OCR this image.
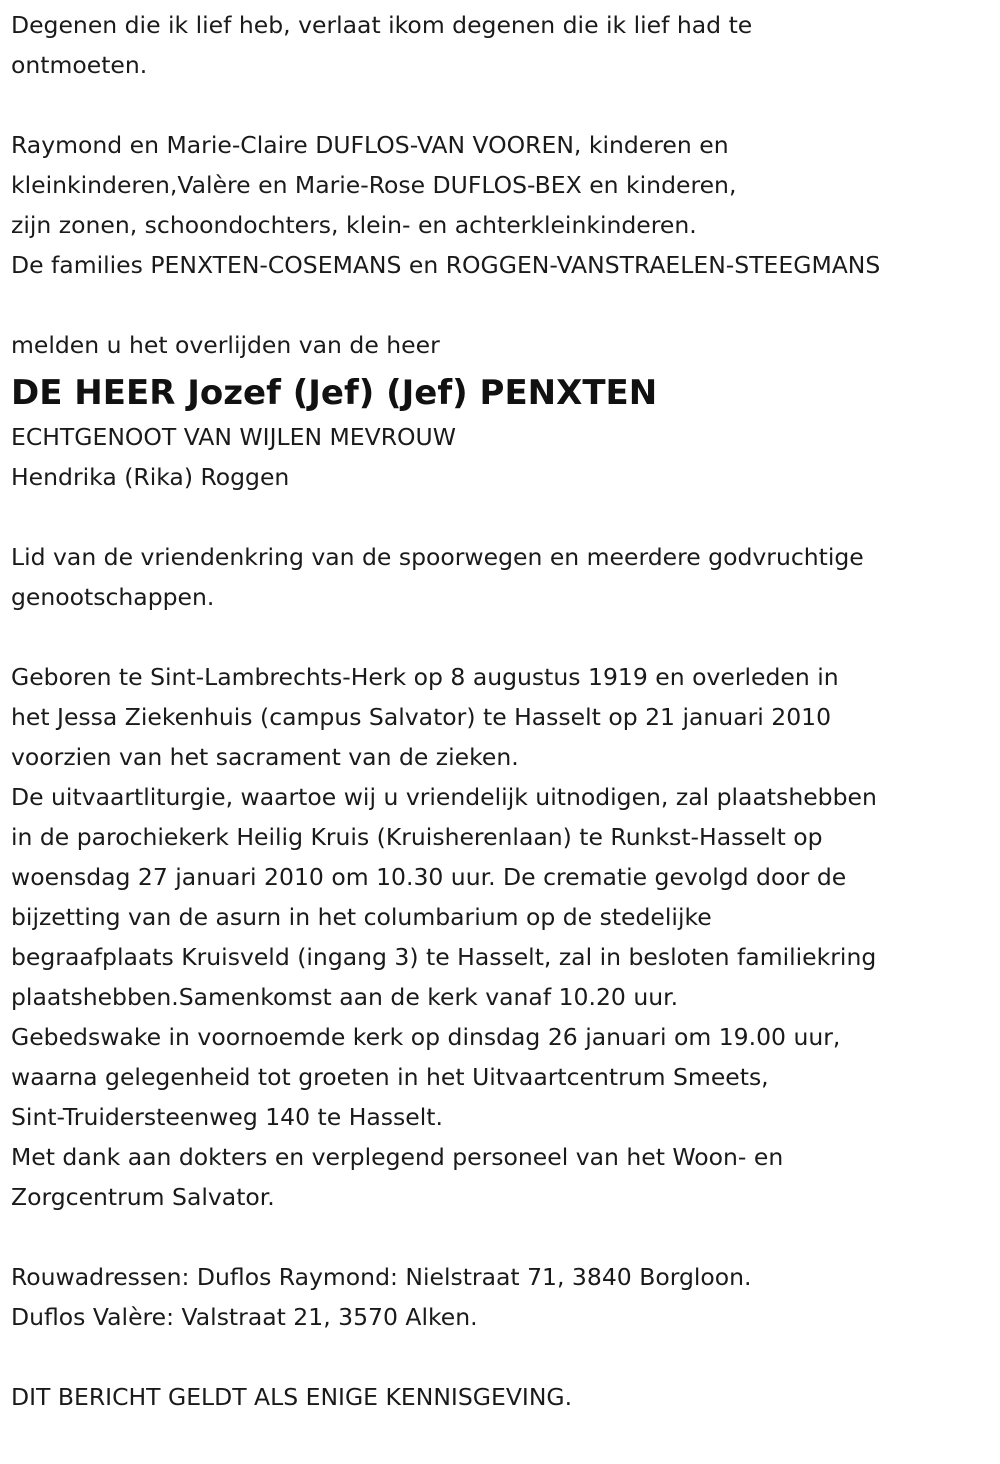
Degenen die ik lief heb, verlaat ikom degenen die ik lief had te
ontmoeten.
Raymond en Marie-Claire DUFLOS-VAN VOOREN, kinderen en
kleinkinderen,Valère en Marie-Rose DUFLOS-BEX en kinderen,
zijn zonen, schoondochters, klein- en achterkleinkinderen.
De families PENXTEN-COSEMANS en ROGGEN-VANSTRAELEN-STEEGMANS
melden u het overlijden van de heer
DE HEER Jozef (Jef) (Jef) PENXTEN
ECHTGENOOT VAN WIJLEN MEVROUW
Hendrika (Rika) Roggen
Lid van de vriendenkring van de spoorwegen en meerdere godvruchtige
genootschappen.
Geboren te Sint-Lambrechts-Herk op 8 augustus 1919 en overleden in
het Jessa Ziekenhuis (campus Salvator) te Hasselt op 21 januari 2010
voorzien van het sacrament van de zieken.
De uitvaartliturgie, waartoe wij u vriendelijk uitnodigen, zal plaatshebben
in de parochiekerk Heilig Kruis (Kruisherenlaan) te Runkst-Hasselt op
woensdag 27 januari 2010 om 10.30 uur. De crematie gevolgd door de
bijzetting van de asurn in het columbarium op de stedelijke
begraafplaats Kruisveld (ingang 3) te Hasselt, zal in besloten familiekring
plaatshebben.Samenkomst aan de kerk vanaf 10.20 uur.
Gebedswake in voornoemde kerk op dinsdag 26 januari om 19.00 uur,
waarna gelegenheid tot groeten in het Uitvaartcentrum Smeets,
Sint-Truidersteenweg 140 te Hasselt.
Met dank aan dokters en verplegend personeel van het Woon- en
Zorgcentrum Salvator.
Rouwadressen: Duflos Raymond: Nielstraat 71, 3840 Borgloon.
Duflos Valère: Valstraat 21, 3570 Alken.
DIT BERICHT GELDT ALS ENIGE KENNISGEVING.
